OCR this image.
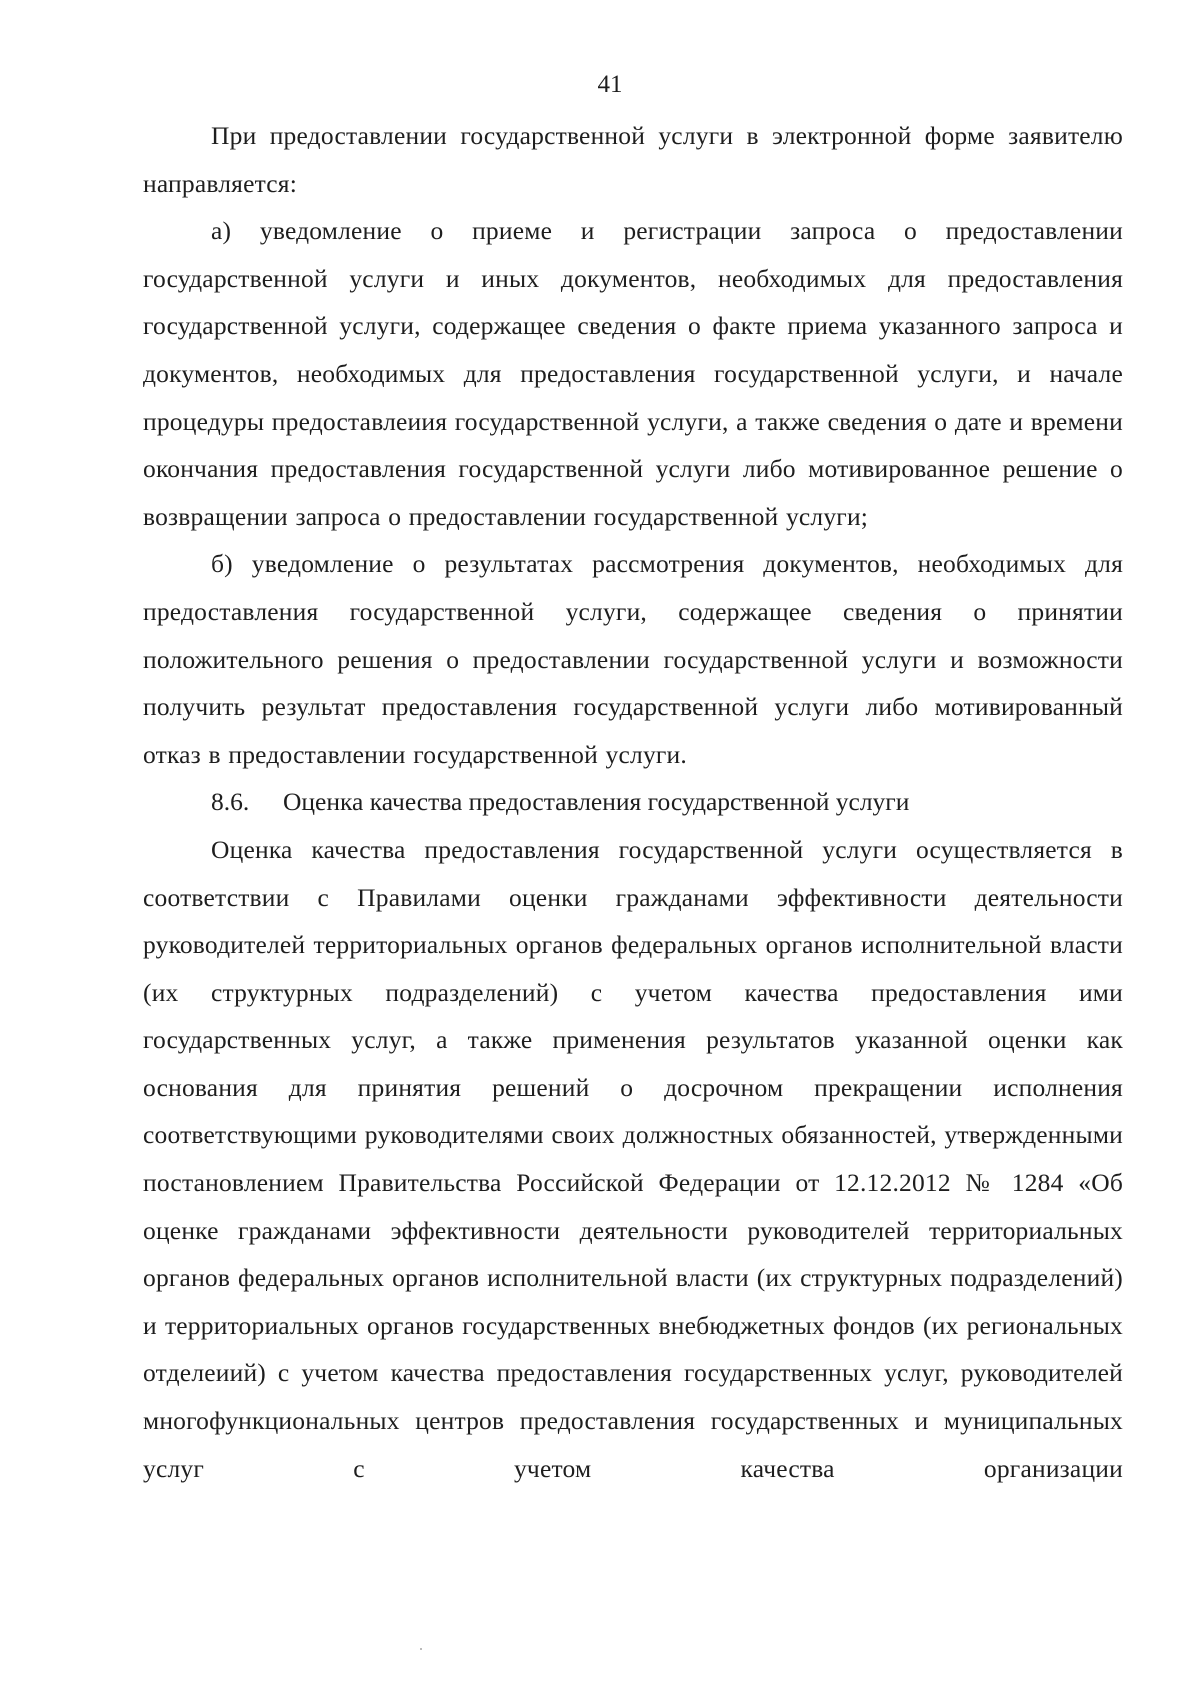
41

При предоставлении государственной услуги в электронной форме заявителю направляется:

а) уведомление о приеме и регистрации запроса о предоставлении государственной услуги и иных документов, необходимых для предоставления государственной услуги, содержащее сведения о факте приема указанного запроса и документов, необходимых для предоставления государственной услуги, и начале процедуры предоставлеиия государственной услуги, а также сведения о дате и времени окончания предоставления государственной услуги либо мотивированное решение о возвращении запроса о предоставлении государственной услуги;

б) уведомление о результатах рассмотрения документов, необходимых для предоставления государственной услуги, содержащее сведения о принятии положительного решения о предоставлении государственной услуги и возможности получить результат предоставления государственной услуги либо мотивированный отказ в предоставлении государственной услуги.

8.6. Оценка качества предоставления государственной услуги

Оценка качества предоставления государственной услуги осуществляется в соответствии с Правилами оценки гражданами эффективности деятельности руководителей территориальных органов федеральных органов исполнительной власти (их структурных подразделений) с учетом качества предоставления ими государственных услуг, а также применения результатов указанной оценки как основания для принятия решений о досрочном прекращении исполнения соответствующими руководителями своих должностных обязанностей, утвержденными постановлением Правительства Российской Федерации от 12.12.2012 № 1284 «Об оценке гражданами эффективности деятельности руководителей территориальных органов федеральных органов исполнительной власти (их структурных подразделений) и территориальных органов государственных внебюджетных фондов (их региональных отделеиий) с учетом качества предоставления государственных услуг, руководителей многофункциональных центров предоставления государственных и муниципальных услуг с учетом качества организации
